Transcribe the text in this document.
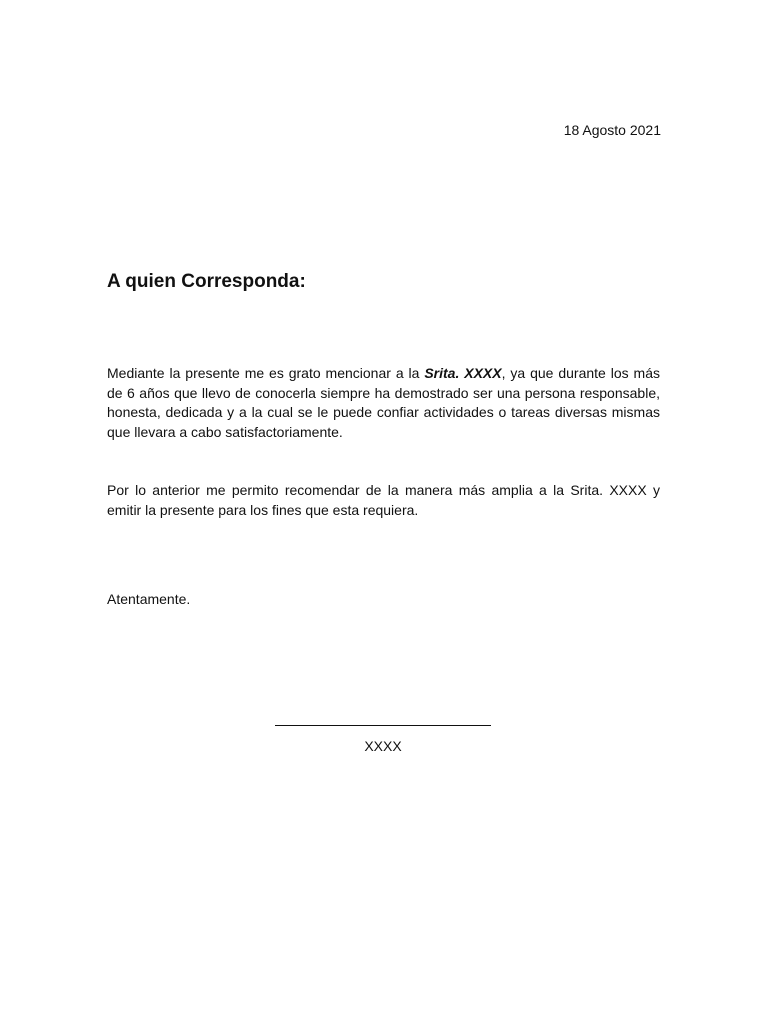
18 Agosto 2021
A quien Corresponda:

Mediante la presente me es grato mencionar a la Srita. XXXX, ya que durante los más de 6 años que llevo de conocerla siempre ha demostrado ser una persona responsable, honesta, dedicada y a la cual se le puede confiar actividades o tareas diversas mismas que llevara a cabo satisfactoriamente.

Por lo anterior me permito recomendar de la manera más amplia a la Srita. XXXX y emitir la presente para los fines que esta requiera.

Atentamente.
XXXX
